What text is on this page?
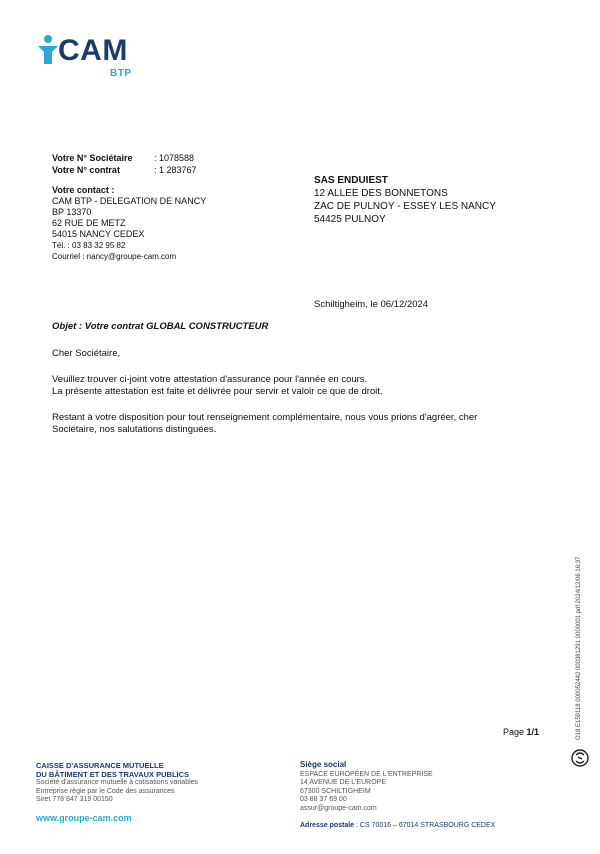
CAM
BTP
Votre N° Sociétaire	: 1078588
Votre N° contrat	: 1 283767
Votre contact :
CAM BTP - DELEGATION DE NANCY
BP 13370
62 RUE DE METZ
54015 NANCY CEDEX
Tél. : 03 83 32 95 82
Courriel : nancy@groupe-cam.com
SAS ENDUIEST
12 ALLEE DES BONNETONS
ZAC DE PULNOY - ESSEY LES NANCY
54425 PULNOY
Schiltigheim, le 06/12/2024
Objet : Votre contrat GLOBAL CONSTRUCTEUR

Cher Sociétaire,

Veuillez trouver ci-joint votre attestation d'assurance pour l'année en cours.
La présente attestation est faite et délivrée pour servir et valoir ce que de droit.

Restant à votre disposition pour tout renseignement complémentaire, nous vous prions d'agréer, cher Sociétaire, nos salutations distinguées.

O18 E159118 000052442 000381291 0000001 pdf 2024/12/06 16:37
Page 1/1
CAISSE D'ASSURANCE MUTUELLE
DU BÂTIMENT ET DES TRAVAUX PUBLICS
Société d'assurance mutuelle à cotisations variables
Entreprise régie par le Code des assurances
Siret 778 847 319 00150
www.groupe-cam.com
Siège social
ESPACE EUROPÉEN DE L'ENTREPRISE
14 AVENUE DE L'EUROPE
67300 SCHILTIGHEIM
03 88 37 69 00
assur@groupe-cam.com
Adresse postale : CS 70016 – 67014 STRASBOURG CEDEX
